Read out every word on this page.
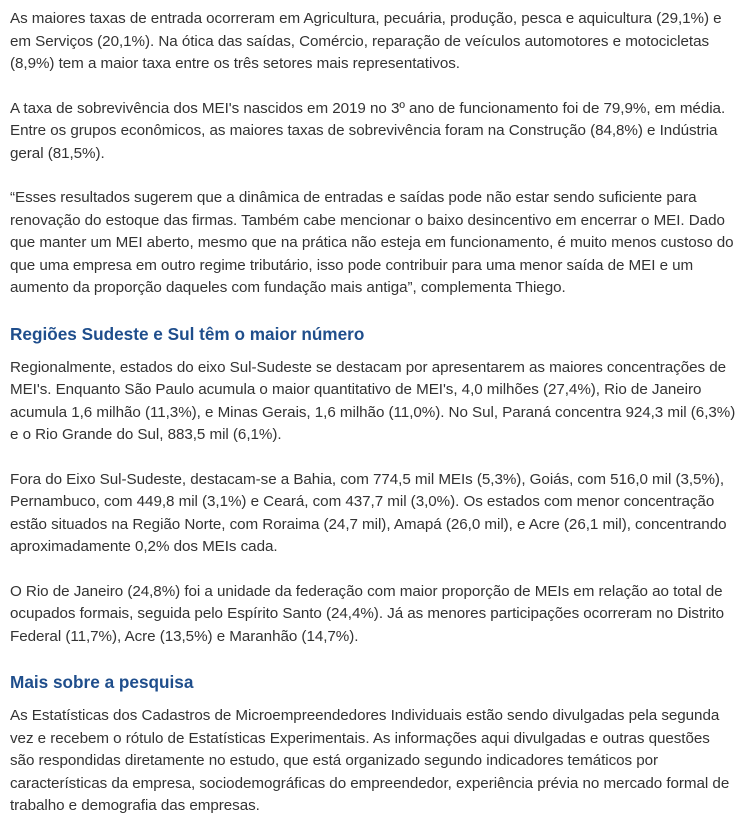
As maiores taxas de entrada ocorreram em Agricultura, pecuária, produção, pesca e aquicultura (29,1%) e em Serviços (20,1%). Na ótica das saídas, Comércio, reparação de veículos automotores e motocicletas (8,9%) tem a maior taxa entre os três setores mais representativos.

A taxa de sobrevivência dos MEI's nascidos em 2019 no 3º ano de funcionamento foi de 79,9%, em média. Entre os grupos econômicos, as maiores taxas de sobrevivência foram na Construção (84,8%) e Indústria geral (81,5%).

“Esses resultados sugerem que a dinâmica de entradas e saídas pode não estar sendo suficiente para renovação do estoque das firmas. Também cabe mencionar o baixo desincentivo em encerrar o MEI. Dado que manter um MEI aberto, mesmo que na prática não esteja em funcionamento, é muito menos custoso do que uma empresa em outro regime tributário, isso pode contribuir para uma menor saída de MEI e um aumento da proporção daqueles com fundação mais antiga”, complementa Thiego.

Regiões Sudeste e Sul têm o maior número

Regionalmente, estados do eixo Sul-Sudeste se destacam por apresentarem as maiores concentrações de MEI's. Enquanto São Paulo acumula o maior quantitativo de MEI's, 4,0 milhões (27,4%), Rio de Janeiro acumula 1,6 milhão (11,3%), e Minas Gerais, 1,6 milhão (11,0%). No Sul, Paraná concentra 924,3 mil (6,3%) e o Rio Grande do Sul, 883,5 mil (6,1%).

Fora do Eixo Sul-Sudeste, destacam-se a Bahia, com 774,5 mil MEIs (5,3%), Goiás, com 516,0 mil (3,5%), Pernambuco, com 449,8 mil (3,1%) e Ceará, com 437,7 mil (3,0%). Os estados com menor concentração estão situados na Região Norte, com Roraima (24,7 mil), Amapá (26,0 mil), e Acre (26,1 mil), concentrando aproximadamente 0,2% dos MEIs cada.

O Rio de Janeiro (24,8%) foi a unidade da federação com maior proporção de MEIs em relação ao total de ocupados formais, seguida pelo Espírito Santo (24,4%). Já as menores participações ocorreram no Distrito Federal (11,7%), Acre (13,5%) e Maranhão (14,7%).

Mais sobre a pesquisa

As Estatísticas dos Cadastros de Microempreendedores Individuais estão sendo divulgadas pela segunda vez e recebem o rótulo de Estatísticas Experimentais. As informações aqui divulgadas e outras questões são respondidas diretamente no estudo, que está organizado segundo indicadores temáticos por características da empresa, sociodemográficas do empreendedor, experiência prévia no mercado formal de trabalho e demografia das empresas.
